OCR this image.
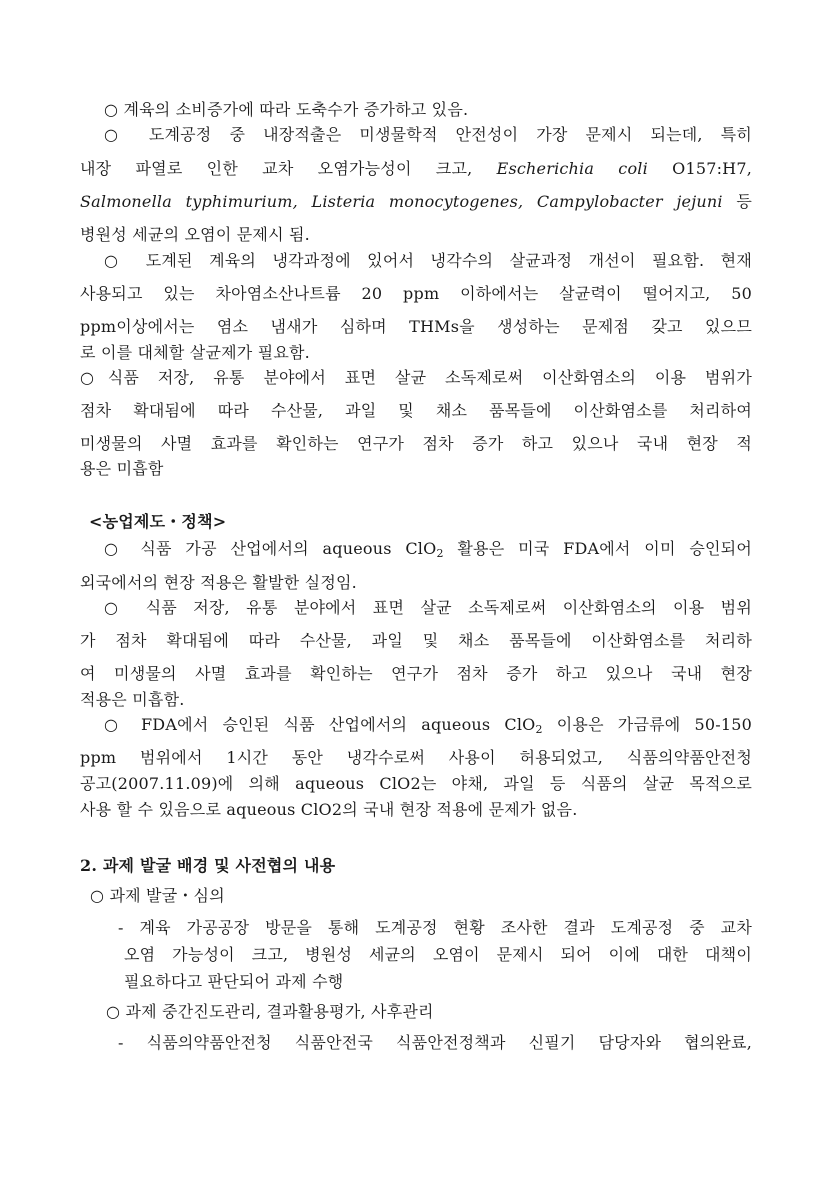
○ 계육의 소비증가에 따라 도축수가 증가하고 있음.
○ 도계공정 중 내장적출은 미생물학적 안전성이 가장 문제시 되는데, 특히
내장 파열로 인한 교차 오염가능성이 크고, Escherichia coli O157:H7,
Salmonella typhimurium, Listeria monocytogenes, Campylobacter jejuni 등
병원성 세균의 오염이 문제시 됨.
○ 도계된 계육의 냉각과정에 있어서 냉각수의 살균과정 개선이 필요함. 현재
사용되고 있는 차아염소산나트륨 20 ppm 이하에서는 살균력이 떨어지고, 50
ppm이상에서는 염소 냄새가 심하며 THMs을 생성하는 문제점 갖고 있으므
로 이를 대체할 살균제가 필요함.
○식품 저장, 유통 분야에서 표면 살균 소독제로써 이산화염소의 이용 범위가
점차 확대됨에 따라 수산물, 과일 및 채소 품목들에 이산화염소를 처리하여
미생물의 사멸 효과를 확인하는 연구가 점차 증가 하고 있으나 국내 현장 적
용은 미흡함
<농업제도・정책>
○ 식품 가공 산업에서의 aqueous ClO$_2$ 활용은 미국 FDA에서 이미 승인되어
외국에서의 현장 적용은 활발한 실정임.
○ 식품 저장, 유통 분야에서 표면 살균 소독제로써 이산화염소의 이용 범위
가 점차 확대됨에 따라 수산물, 과일 및 채소 품목들에 이산화염소를 처리하
여 미생물의 사멸 효과를 확인하는 연구가 점차 증가 하고 있으나 국내 현장
적용은 미흡함.
○ FDA에서 승인된 식품 산업에서의 aqueous ClO$_2$ 이용은 가금류에 50-150
ppm 범위에서 1시간 동안 냉각수로써 사용이 허용되었고, 식품의약품안전청
공고(2007.11.09)에 의해 aqueous ClO2는 야채, 과일 등 식품의 살균 목적으로
사용 할 수 있음으로 aqueous ClO2의 국내 현장 적용에 문제가 없음.
2. 과제 발굴 배경 및 사전협의 내용
○ 과제 발굴・심의
- 계육 가공공장 방문을 통해 도계공정 현황 조사한 결과 도계공정 중 교차
오염 가능성이 크고, 병원성 세균의 오염이 문제시 되어 이에 대한 대책이
필요하다고 판단되어 과제 수행
○ 과제 중간진도관리, 결과활용평가, 사후관리
- 식품의약품안전청 식품안전국 식품안전정책과 신필기 담당자와 협의완료,
